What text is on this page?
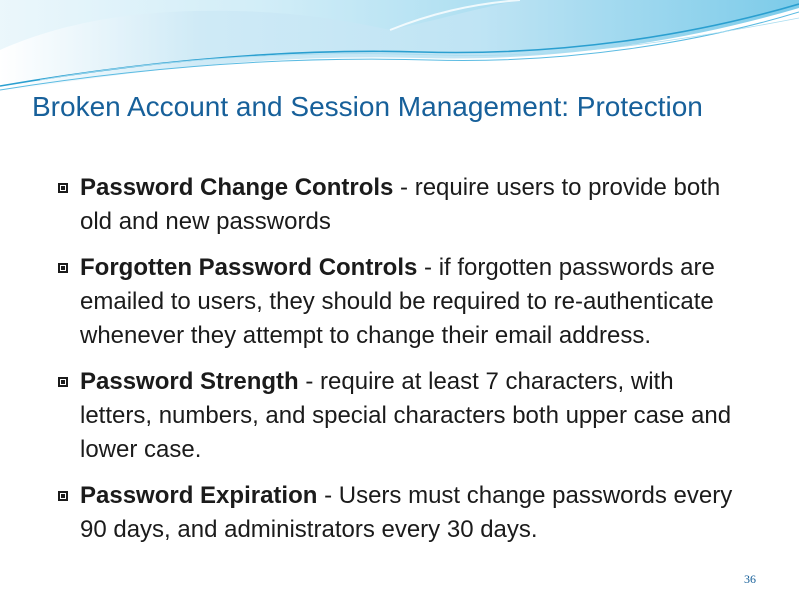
Broken Account and Session Management: Protection
Password Change Controls - require users to provide both old and new passwords
Forgotten Password Controls - if forgotten passwords are emailed to users, they should be required to re-authenticate whenever they attempt to change their email address.
Password Strength - require at least 7 characters, with letters, numbers, and special characters both upper case and lower case.
Password Expiration - Users must change passwords every 90 days, and administrators every 30 days.
36
